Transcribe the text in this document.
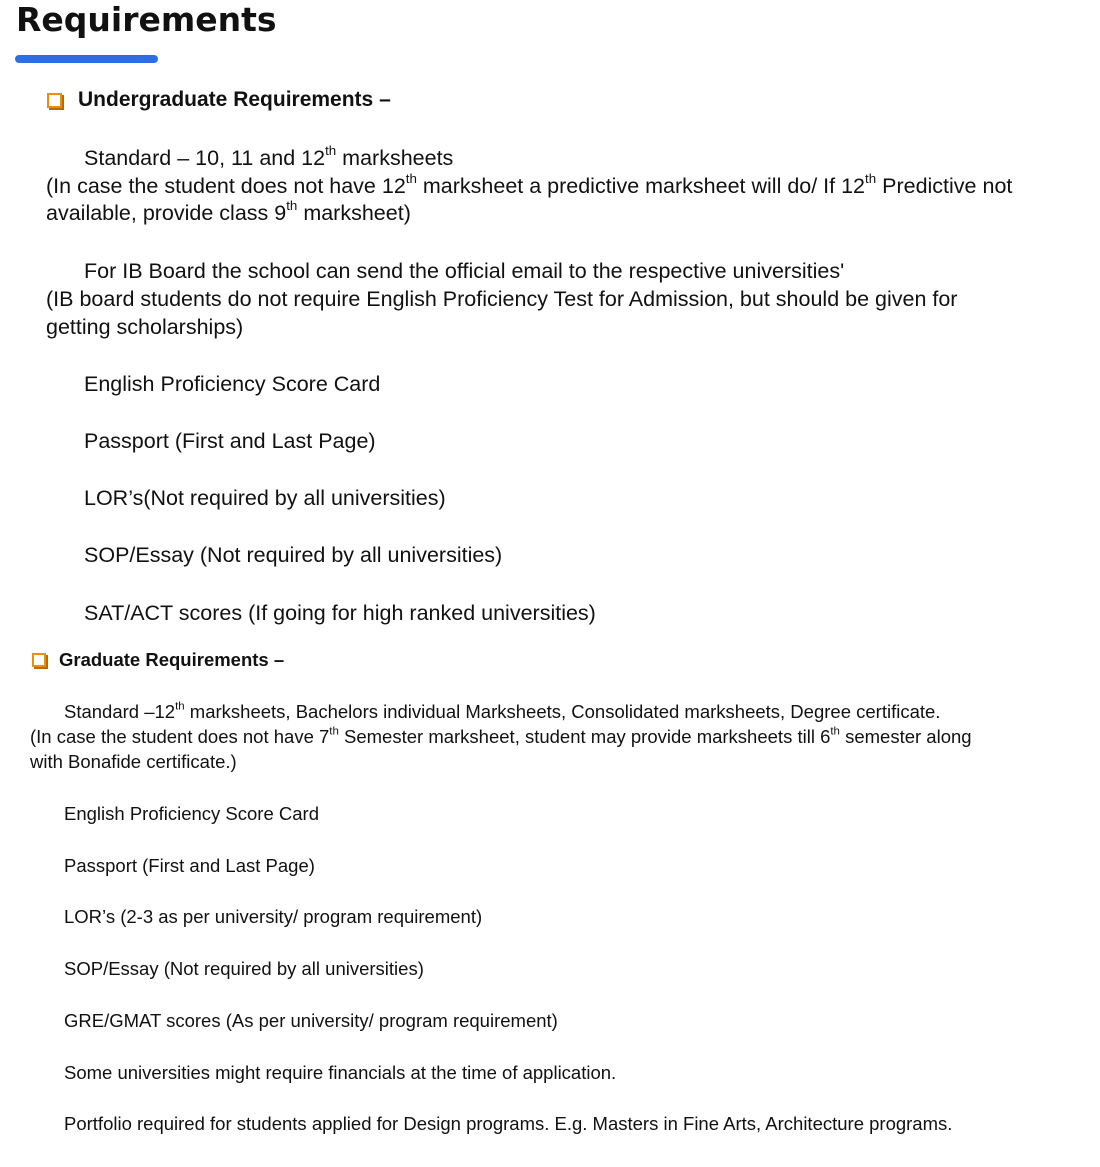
Requirements
Undergraduate Requirements –
Standard – 10, 11 and 12th marksheets
(In case the student does not have 12th marksheet a predictive marksheet will do/ If 12th Predictive not
available, provide class 9th marksheet)
For IB Board the school can send the official email to the respective universities'
(IB board students do not require English Proficiency Test for Admission, but should be given for
getting scholarships)
English Proficiency Score Card
Passport (First and Last Page)
LOR’s(Not required by all universities)
SOP/Essay (Not required by all universities)
SAT/ACT scores (If going for high ranked universities)
Graduate Requirements –
Standard –12th marksheets, Bachelors individual Marksheets, Consolidated marksheets, Degree certificate.
(In case the student does not have 7th Semester marksheet, student may provide marksheets till 6th semester along
with Bonafide certificate.)
English Proficiency Score Card
Passport (First and Last Page)
LOR’s (2-3 as per university/ program requirement)
SOP/Essay (Not required by all universities)
GRE/GMAT scores (As per university/ program requirement)
Some universities might require financials at the time of application.
Portfolio required for students applied for Design programs. E.g. Masters in Fine Arts, Architecture programs.
